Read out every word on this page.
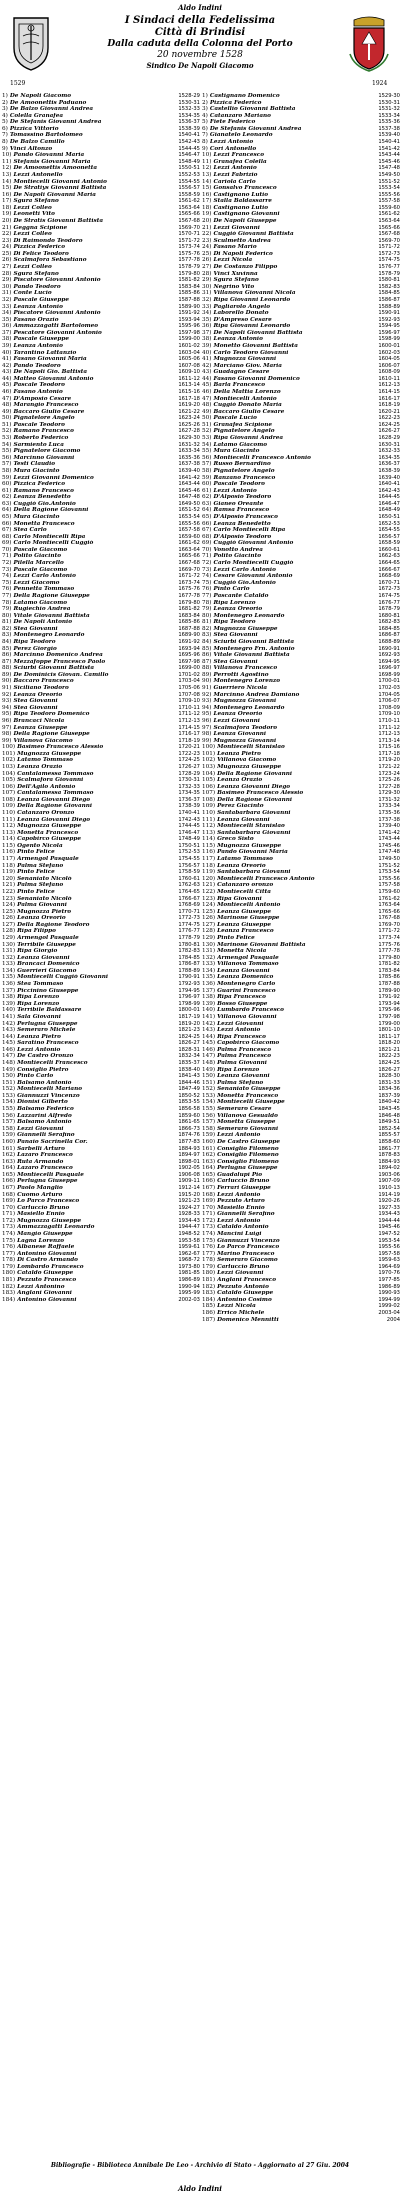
Aldo Indini
I Sindaci della Fedelissima
Città di Brindisi
Dalla caduta della Colonna del Porto
20 novembre 1528
Sindico De Napoli Giacomo
1529	1924
1) De Napoli Giacomo	1528-29
2) De Amoonettis Paduano	1530-31
3) De Balzo Giovanni Andrea	1532-33
4) Colella Granafea	1534-35
5) De Stefanis Giovanni Andrea	1536-37
6) Pizzica Vittorio	1538-39
7) Tomassino Bartolomeo	1540-41
8) De Balzo Camillo	1542-43
9) Vinci Altonzo	1544-45
10) Pando Giovanni Maria	1546-47
11) Stefanis Giovanni Maria	1548-49
12) De Amoonettis Amoonetta	1550-51
13) Lezzi Antonello	1552-53
14) Montiecelli Giovanni Antonio	1554-55
15) De Stratiys Giovanni Battista	1556-57
16) De Napoli Giovanni Maria	1558-59
17) Sgura Stefano	1561-62
18) Lezzi Colleo	1563-64
19) Leonetti Vito	1565-66
20) De Stratis Giovanni Battista	1567-68
21) Geggna Scipione	1569-70
22) Lezzi Colleo	1570-71
23) Di Raimondo Teodoro	1571-72
24) Pizzica Federico	1573-74
25) Di Felice Teodoro	1575-76
26) Scalmafora Sebastiano	1577-78
27) Lezzi Colleo	1578-79
28) Sgura Stefano	1579-80
29) Piscatore Giovanni Antonio	1581-82
30) Pando Teodoro	1583-84
31) Conte Lucio	1585-86
32) Pascale Giuseppe	1587-88
33) Leanza Antonio	1589-90
34) Piscatore Giovanni Antonio	1591-92
35) Fasano Orazio	1593-94
36) Ammazzagatti Bartolomeo	1595-96
37) Pescatore Giovanni Antonio	1597-98
38) Pascale Giuseppe	1599-00
39) Leanza Antonio	1601-02
40) Tarantino Lattanzio	1603-04
41) Fasano Giovanni Maria	1605-06
42) Pando Teodoro	1607-08
43) De Napoli Gio. Battista	1609-10
44) Matteo Giovanni Antonio	1611-12
45) Pascale Teodoro	1613-14
46) Fasano Antonio	1615-16
47) D'Amposio Cesare	1617-18
48) Marangio Francesco	1619-20
49) Baccaro Giulio Cesare	1621-22
50) Pignatelore Angelo	1623-24
51) Pascale Teodoro	1625-26
52) Ramano Francesco	1627-28
53) Roberto Federico	1629-30
54) Sarmiento Luca	1631-32
55) Pignatelore Giacomo	1633-34
56) Marcinno Giovanni	1635-36
57) Testi Claudio	1637-38
58) Mura Giacinto	1639-40
59) Lezzi Giovanni Domenico	1641-42
60) Pizzica Federico	1643-44
61) Ramano Francesco	1645-46
62) Leanza Benedetto	1647-48
63) Cuggiò Gio.Antonio	1649-50
64) Della Ragione Giovanni	1651-52
65) Mura Giacinto	1653-54
66) Monetta Francesco	1655-56
67) Stea Carlo	1657-58
68) Carlo Montiecelli Ripa	1659-60
69) Carlo Montiecelli Cuggiò	1661-62
70) Pascale Giacomo	1663-64
71) Polito Giacinto	1665-66
72) Pilella Marcello	1667-68
73) Pascale Giacomo	1669-70
74) Lezzi Carlo Antonio	1671-72
75) Lezzi Giacomo	1673-74
76) Pennetta Tommaso	1675-76
77) Della Ragione Giuseppe	1677-78
78) Latamo Giacomo	1679-80
79) Rugiechio Andrea	1681-82
80) Vitale Giovanni Battista	1683-84
81) De Napoli Antonio	1685-86
82) Stea Giovanni	1687-88
83) Montenegro Leonardo	1689-90
84) Ripa Teodoro	1691-92
85) Perez Giorgio	1693-94
86) Marcinno Domenico Andrea	1695-96
87) Mezzafoppe Francesco Paolo	1697-98
88) Sciurbi Giovanni Battista	1699-00
89) De Dominicis Giovan. Camillo	1701-02
90) Baccaro Francesco	1703-04
91) Siciliano Teodoro	1705-06
92) Leanza Oreorio	1707-08
93) Stea Giovanni	1709-10
94) Stea Giovanni	1710-11
95) Ripa Teodoro Domenico	1711-12
96) Brancaci Nicola	1712-13
97) Leanza Giuseppe	1714-15
98) Della Ragione Giuseppe	1716-17
99) Villanova Giacomo	1718-19
100) Basimeo Francesco Alessio	1720-21
101) Mugnozza Giuseppe	1722-23
102) Latamo Tommaso	1724-25
103) Leanza Orazio	1726-27
104) Cantalamessa Tommaso	1728-29
105) Scalmafora Giovanni	1730-31
106) Dell'Agilo Antonio	1732-33
107) Cantalamessa Tommaso	1734-35
108) Leanza Giovanni Diego	1736-37
109) Della Ragione Giovanni	1738-39
110) Catanzaro Oronzo	1740-41
111) Leanza Giovanni Diego	1742-43
112) Mugnozza Giuseppe	1744-45
113) Monetta Francesco	1746-47
114) Capobirco Giuseppe	1748-49
115) Ogento Nicola	1750-51
116) Pinto Felice	1752-53
117) Armengol Pasquale	1754-55
118) Palma Stefano	1756-57
119) Pinto Felice	1758-59
120) Senaniato Nicolò	1760-61
121) Palma Stefano	1762-63
122) Pinto Felice	1764-65
123) Senaniato Nicolò	1766-67
124) Palma Giovanni	1768-69
125) Mugnozza Pietro	1770-71
126) Leanza Oreorio	1772-73
127) Della Ragione Teodoro	1774-75
128) Ripa Filippo	1776-77
129) Armengol Pasquale	1778-79
130) Terribile Giuseppe	1780-81
131) Ripa Giorgio	1782-83
132) Leanza Giovanni	1784-85
133) Brancaci Domenico	1786-87
134) Guerrieri Giacomo	1788-89
135) Montiecelli Cuggiò Giovanni	1790-91
136) Stea Tommaso	1792-93
137) Piccinino Giuseppe	1794-95
138) Ripa Lorenzo	1796-97
139) Ripa Lorenzo	1798-99
140) Terribile Baldassare	1800-01
141) Sala Giovanni	1817-19
142) Perlugna Giuseppe	1819-20
143) Semeraro Michele	1821-23
144) Leanza Pietro	1824-25
145) Saratino Francesco	1826-27
146) Lezzi Antonio	1828-31
147) De Castro Oronzo	1832-34
148) Montiecelli Francesco	1835-37
149) Consiglio Pietro	1838-40
150) Pinto Carlo	1841-43
151) Balsamo Antonio	1844-46
152) Montiecelli Mariano	1847-49
153) Giannuzzi Vincenzo	1850-52
154) Dionisi Gilberto	1853-55
155) Balsamo Federico	1856-58
156) Lazzarini Alfredo	1859-60
157) Balsamo Antonio	1861-65
158) Lezzi Giovanni	1866-73
159) Giannelli Serafino	1874-76
160) Panaio Sacrinella Cor.	1877-83
161) Sarbelli Arturo	1884-93
162) Lazaro Francesco	1894-97
163) Ruta Armando	1898-01
164) Lazaro Francesco	1902-05
165) Montiecelli Pasquale	1906-08
166) Perlugna Giuseppe	1909-11
167) Paolo Manglio	1912-14
168) Cuomo Arturo	1915-20
169) Lo Parco Francesco	1921-23
170) Carluccio Bruno	1924-27
171) Masiello Ennio	1928-33
172) Mugnozza Giuseppe	1934-43
173) Ammazzagatti Leonardo	1944-47
174) Mangio Giuseppe	1948-52
175) Lagna Lorenzo	1953-58
176) Albanese Raffaele	1959-61
177) Antonino Giovanni	1962-67
178) Di Castro Armando	1968-72
179) Lombardo Francesco	1973-80
180) Cataldo Giuseppe	1981-85
181) Pezzuto Francesco	1986-89
182) Lezzi Antonino	1990-94
183) Anglani Giovanni	1995-99
184) Antonino Giovanni	2002-03
1) Castignano Domenico	1529-30
2) Pizzica Federico	1530-31
3) Castellio Giovanni Battista	1531-32
4) Catanzaro Mariano	1533-34
5) Fiete Federico	1535-36
6) De Stefanis Giovanni Andrea	1537-38
7) Gianatelo Leonardo	1539-40
8) Lezzi Antonio	1540-41
9) Cori Antonello	1541-42
10) Lezzi Francesco	1543-44
11) Granafea Colella	1545-46
12) Lezzi Antonio	1547-48
13) Lezzi Fabrizio	1549-50
14) Cariola Carlo	1551-52
15) Gonsalvo Francesco	1553-54
16) Castignano Lutio	1555-56
17) Stalla Baldassarre	1557-58
18) Castignano Lutio	1559-60
19) Castignano Giovanni	1561-62
20) De Napoli Giuseppe	1563-64
21) Lezzi Giovanni	1565-66
22) Cuggiò Giovanni Battista	1567-68
23) Sculmetto Andrea	1569-70
24) Fasano Mario	1571-72
25) Di Napoli Federico	1572-73
26) Lezzi Nicola	1574-75
27) De Costanzo Filippo	1576-77
28) Vinci Xuvinna	1578-79
29) Sgura Stefano	1580-81
30) Negrino Vito	1582-83
31) Villanova Giovanni Nicola	1584-85
32) Ripa Giovanni Leonardo	1586-87
33) Pagliarolo Angelo	1588-89
34) Laborello Donato	1590-91
35) D'Ampreso Cesare	1592-93
36) Ripa Giovanni Leonardo	1594-95
37) De Napoli Giovanni Battista	1596-97
38) Leanza Antonio	1598-99
39) Monetto Giovanni Battista	1600-01
40) Carlo Teodoro Giovanni	1602-03
41) Mugnozza Giovanni	1604-05
42) Marciano Giov. Maria	1606-07
43) Guadagno Cesare	1608-09
44) Fasano Giovanni Domenico	1610-11
45) Barla Francesco	1612-13
46) Della Mattia Lorenzo	1614-15
47) Montiecelli Antonio	1616-17
48) Cuggiò Donato Maria	1618-19
49) Baccaro Giulio Cesare	1620-21
50) Pascale Lucio	1622-23
51) Granafea Scipione	1624-25
52) Pignatelore Angelo	1626-27
53) Ripa Giovanni Andrea	1628-29
54) Latamo Giacomo	1630-31
55) Mura Giacinto	1632-33
56) Montiecelli Francesco Antonio	1634-35
57) Russo Bernardino	1636-37
58) Pignatelore Angelo	1638-39
59) Ranzano Francesco	1639-40
60) Pascale Teodoro	1640-41
61) Lezzi Antonio	1642-43
62) D'Alposio Teodoro	1644-45
63) Gianeo Oreante	1646-47
64) Ramsa Francesco	1648-49
65) D'Alposio Francesco	1650-51
66) Leanza Benedetto	1652-53
67) Carlo Montiecelli Ripa	1654-55
68) D'Alposio Teodoro	1656-57
69) Cuggiò Giovanni Antonio	1658-59
70) Vonotto Andrea	1660-61
71) Polito Giacinto	1662-63
72) Carlo Montiecelli Cuggiò	1664-65
73) Lezzi Carlo Antonio	1666-67
74) Cesare Giovanni Antonio	1668-69
75) Cuggiò Gio.Antonio	1670-71
76) Pinto Carlo	1672-73
77) Pascante Cataldo	1674-75
78) Ripa Lorenzo	1676-77
79) Leanza Oreorio	1678-79
80) Montenegro Leonardo	1680-81
81) Ripa Teodoro	1682-83
82) Mugnozza Giuseppe	1684-85
83) Stea Giovanni	1686-87
84) Sciurbi Giovanni Battista	1688-89
85) Montenegro Frn. Antonio	1690-91
86) Vitale Giovanni Battista	1692-93
87) Stea Giovanni	1694-95
88) Villanova Francesco	1696-97
89) Perrotti Agostino	1698-99
90) Montenegro Lorenzo	1700-01
91) Guerriero Nicola	1702-03
92) Marcinno Andrea Damiano	1704-05
93) Mugnozza Giovanni	1706-07
94) Montenegro Leonardo	1708-09
95) Leanza Oreorio	1709-10
96) Lezzi Giovanni	1710-11
97) Scalmafora Teodoro	1711-12
98) Leanza Giovanni	1712-13
99) Mugnozza Giovanni	1713-14
100) Montiecelli Stanislao	1715-16
101) Leanza Pietro	1717-18
102) Villanova Giacomo	1719-20
103) Mugnozza Giuseppe	1721-22
104) Della Ragione Giovanni	1723-24
105) Leanza Orazio	1725-26
106) Leanza Giovanni Diego	1727-28
107) Basimeo Francesco Alessio	1729-30
108) Della Ragione Giovanni	1731-32
109) Perez Giacinto	1733-34
110) Santabarbara Giovanni	1735-36
111) Leanza Giovanni	1737-38
112) Montiecelli Stanislao	1739-40
113) Santabarbara Giovanni	1741-42
114) Greco Sisto	1743-44
115) Mugnozza Giuseppe	1745-46
116) Pando Giovanni Maria	1747-48
117) Latamo Tommaso	1749-50
118) Leanza Oreorio	1751-52
119) Santabarbara Giovanni	1753-54
120) Montiecelli Francesco Antonio	1755-56
121) Catanzaro oronzo	1757-58
122) Montiecelli Citta	1759-60
123) Ripa Giovanni	1761-62
124) Montiecelli Antonio	1763-64
125) Leanza Giuseppe	1765-66
126) Marinone Giuseppe	1767-68
127) Leanza Giuseppe	1769-70
128) Leanza Francesco	1771-72
129) Pinto Felice	1773-74
130) Marinone Giovanni Battista	1775-76
131) Monetta Nicola	1777-78
132) Armengol Pasquale	1779-80
133) Villanova Tommaso	1781-82
134) Leanza Giovanni	1783-84
135) Leanza Domenico	1785-86
136) Montenegro Carlo	1787-88
137) Guarini Francesco	1789-90
138) Ripa Francesco	1791-92
139) Bosso Giuseppe	1793-94
140) Lumbardo Francesco	1795-96
141) Villanova Giovanni	1797-98
142) Lezzi Giovanni	1799-00
143) Lezzi Antonio	1801-10
144) Ripa Francesco	1811-17
145) Capobirco Giacomo	1818-20
146) Palma Francesco	1821-21
147) Palma Francesco	1822-23
148) Palma Giovanni	1824-25
149) Ripa Lorenzo	1826-27
150) Leanza Giovanni	1828-30
151) Palma Stefano	1831-33
152) Senaniato Giuseppe	1834-36
153) Monetta Francesco	1837-39
154) Montiecelli Giuseppe	1840-42
155) Semeraro Cesare	1843-45
156) Villanova Gesualdo	1846-48
157) Monetta Giuseppe	1849-51
158) Semeraro Giovanni	1852-54
159) Lezzi Antonio	1855-57
160) De Castro Giuseppe	1858-60
161) Consiglio Filomeno	1861-77
162) Consiglio Filomeno	1878-83
163) Consiglio Filomeno	1884-93
164) Perlugna Giuseppe	1894-02
165) Guadalupi Pio	1903-06
166) Carluccio Bruno	1907-09
167) Ferrari Giuseppe	1910-13
168) Lezzi Antonio	1914-19
169) Pezzuto Arturo	1920-26
170) Masiello Ennio	1927-33
171) Giannelli Serafino	1934-43
172) Lezzi Antonio	1944-44
173) Cataldo Antonio	1945-46
174) Mancini Luigi	1947-52
175) Giannuzzi Vincenzo	1953-54
176) Lo Parco Francesco	1955-56
177) Marino Francesco	1957-58
178) Semeraro Giacomo	1959-63
179) Carluccio Bruno	1964-69
180) Lezzi Giovanni	1970-76
181) Anglani Francesco	1977-85
182) Pezzuto Antonio	1986-89
183) Cataldo Giuseppe	1990-93
184) Antonino Cosimo	1994-99
185) Lezzi Nicola	1999-02
186) Errico Michele	2003-04
187) Domenico Mennitti	2004
Bibliografie - Biblioteca Annibale De Leo - Archivio di Stato - Aggiornato al 27 Giu. 2004
Aldo Indini
